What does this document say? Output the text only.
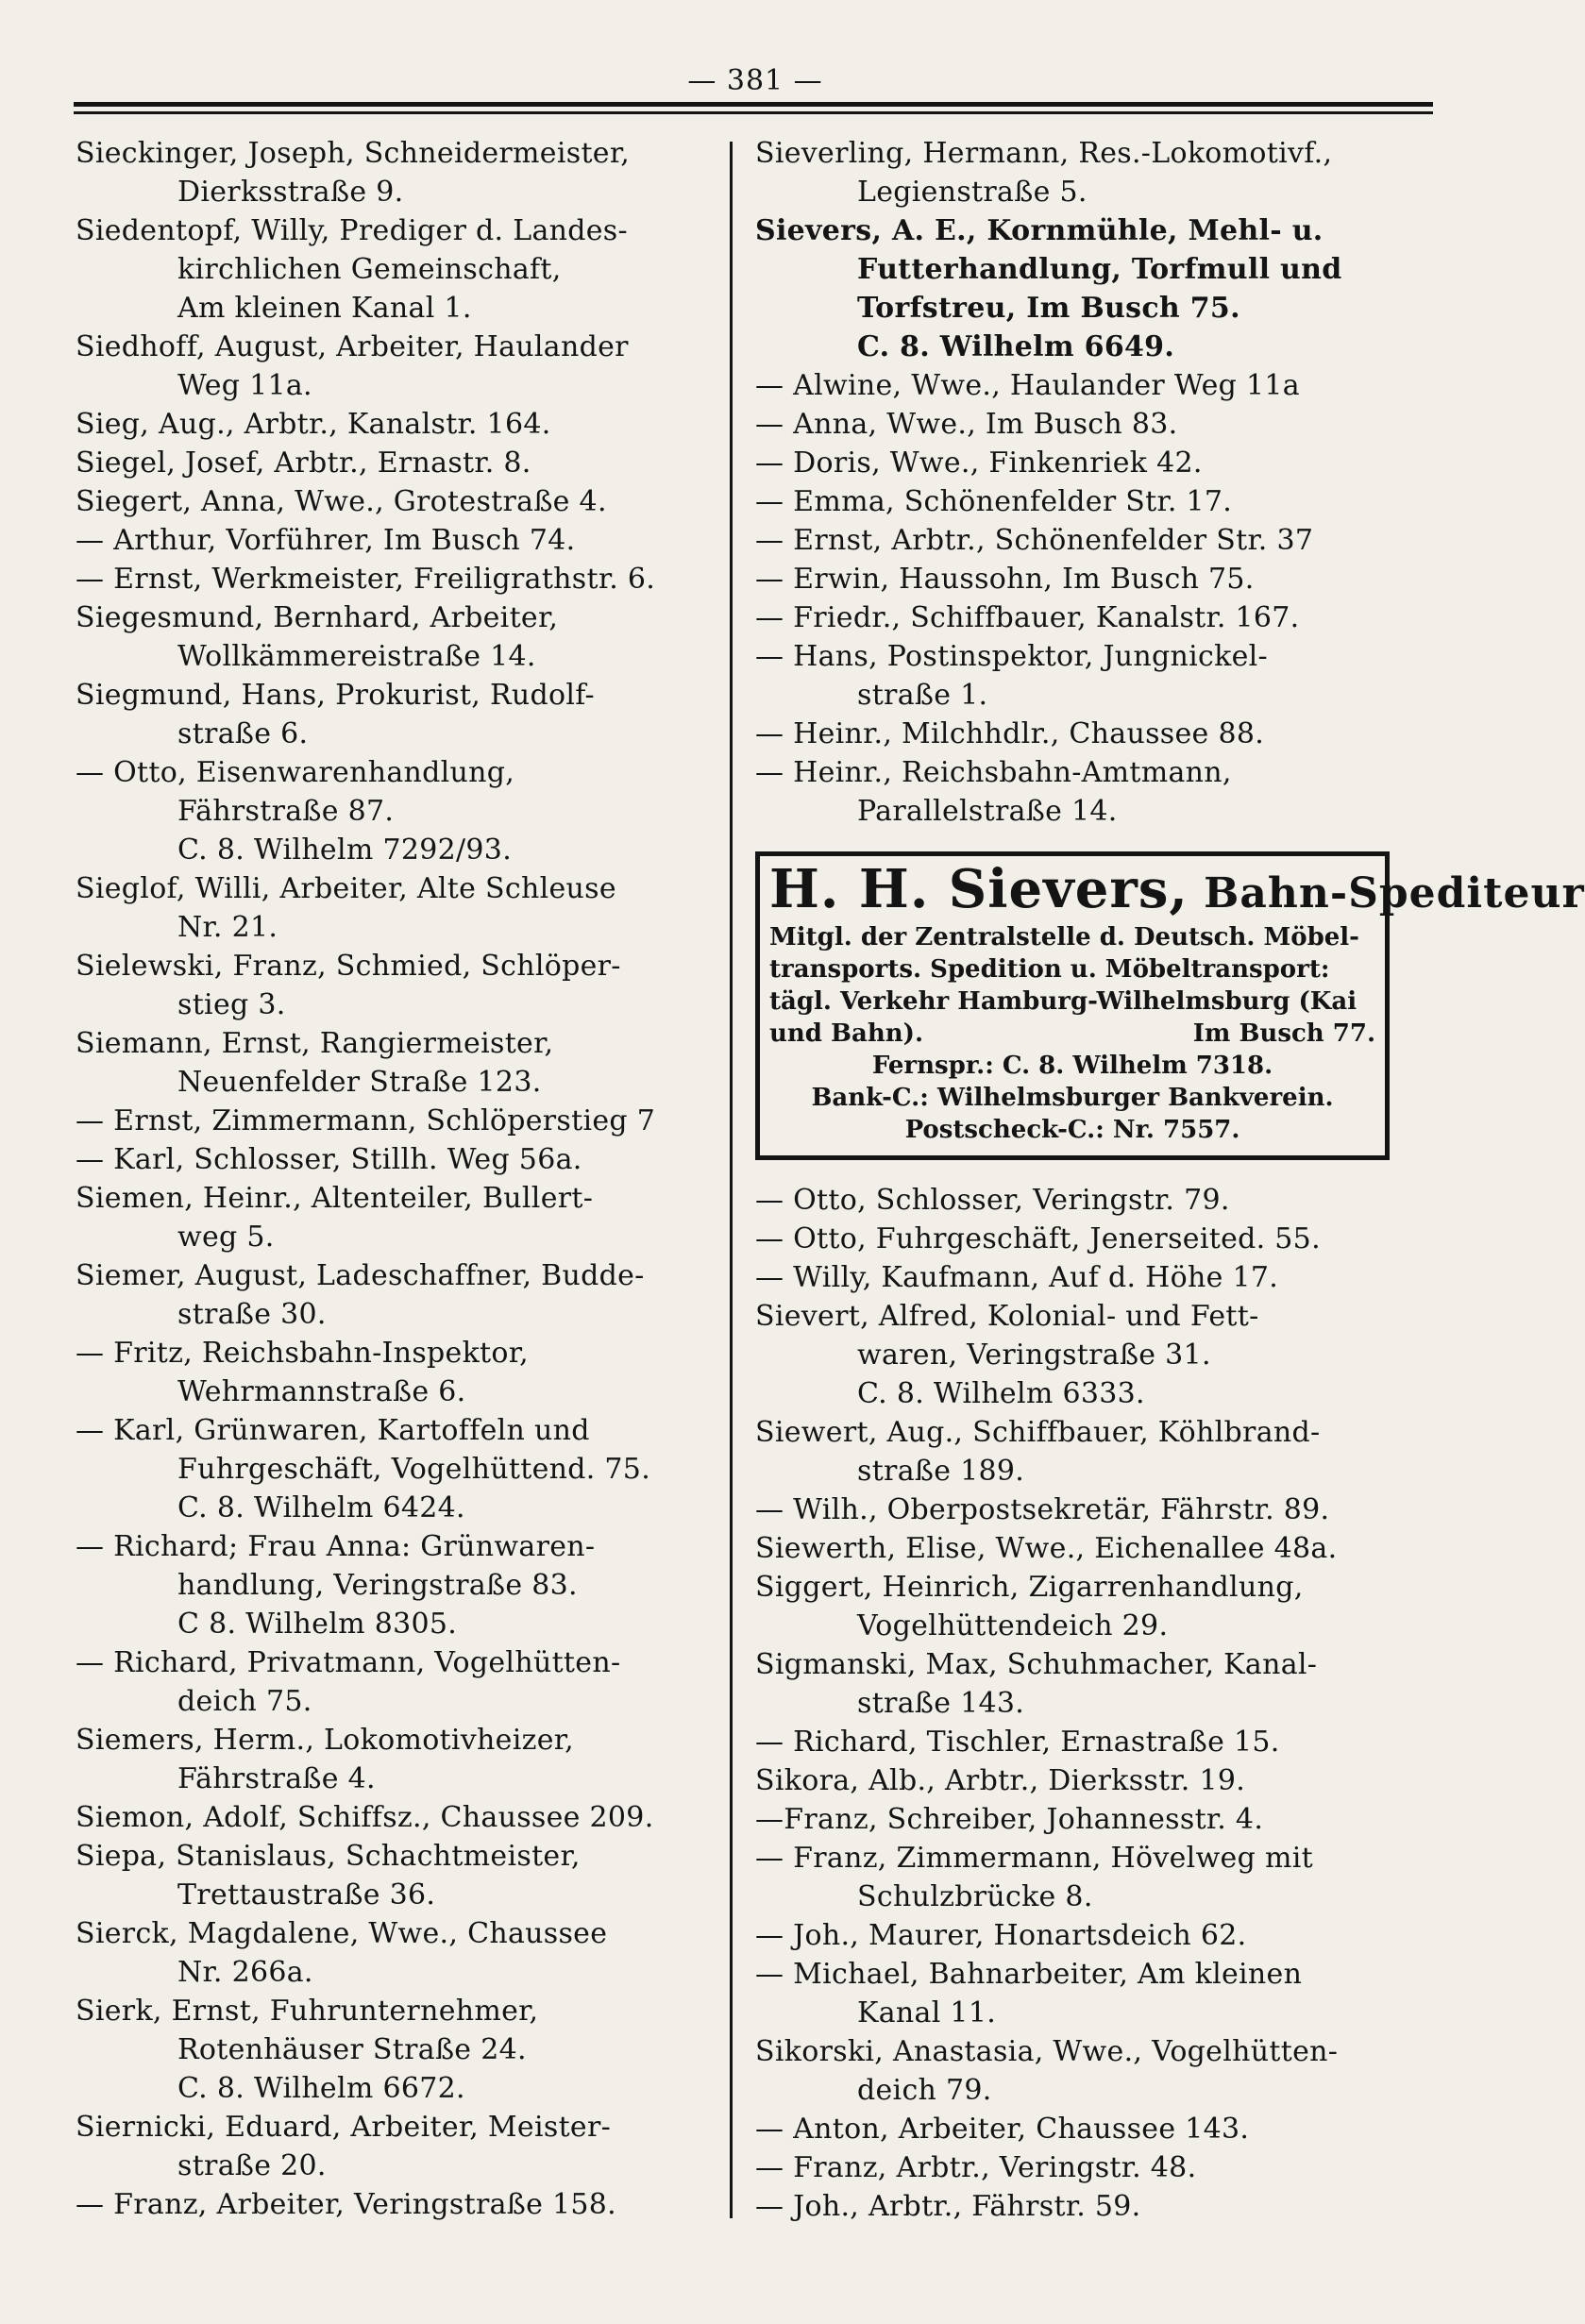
— 381 —
Sieckinger, Joseph, Schneidermeister,
Dierksstraße 9.
Siedentopf, Willy, Prediger d. Landes-
kirchlichen Gemeinschaft,
Am kleinen Kanal 1.
Siedhoff, August, Arbeiter, Haulander
Weg 11a.
Sieg, Aug., Arbtr., Kanalstr. 164.
Siegel, Josef, Arbtr., Ernastr. 8.
Siegert, Anna, Wwe., Grotestraße 4.
— Arthur, Vorführer, Im Busch 74.
— Ernst, Werkmeister, Freiligrathstr. 6.
Siegesmund, Bernhard, Arbeiter,
Wollkämmereistraße 14.
Siegmund, Hans, Prokurist, Rudolf-
straße 6.
— Otto, Eisenwarenhandlung,
Fährstraße 87.
C. 8. Wilhelm 7292/93.
Sieglof, Willi, Arbeiter, Alte Schleuse
Nr. 21.
Sielewski, Franz, Schmied, Schlöper-
stieg 3.
Siemann, Ernst, Rangiermeister,
Neuenfelder Straße 123.
— Ernst, Zimmermann, Schlöperstieg 7
— Karl, Schlosser, Stillh. Weg 56a.
Siemen, Heinr., Altenteiler, Bullert-
weg 5.
Siemer, August, Ladeschaffner, Budde-
straße 30.
— Fritz, Reichsbahn-Inspektor,
Wehrmannstraße 6.
— Karl, Grünwaren, Kartoffeln und
Fuhrgeschäft, Vogelhüttend. 75.
C. 8. Wilhelm 6424.
— Richard; Frau Anna: Grünwaren-
handlung, Veringstraße 83.
C 8. Wilhelm 8305.
— Richard, Privatmann, Vogelhütten-
deich 75.
Siemers, Herm., Lokomotivheizer,
Fährstraße 4.
Siemon, Adolf, Schiffsz., Chaussee 209.
Siepa, Stanislaus, Schachtmeister,
Trettaustraße 36.
Sierck, Magdalene, Wwe., Chaussee
Nr. 266a.
Sierk, Ernst, Fuhrunternehmer,
Rotenhäuser Straße 24.
C. 8. Wilhelm 6672.
Siernicki, Eduard, Arbeiter, Meister-
straße 20.
— Franz, Arbeiter, Veringstraße 158.
Sieverling, Hermann, Res.-Lokomotivf.,
Legienstraße 5.
Sievers, A. E., Kornmühle, Mehl- u.
Futterhandlung, Torfmull und
Torfstreu, Im Busch 75.
C. 8. Wilhelm 6649.
— Alwine, Wwe., Haulander Weg 11a
— Anna, Wwe., Im Busch 83.
— Doris, Wwe., Finkenriek 42.
— Emma, Schönenfelder Str. 17.
— Ernst, Arbtr., Schönenfelder Str. 37
— Erwin, Haussohn, Im Busch 75.
— Friedr., Schiffbauer, Kanalstr. 167.
— Hans, Postinspektor, Jungnickel-
straße 1.
— Heinr., Milchhdlr., Chaussee 88.
— Heinr., Reichsbahn-Amtmann,
Parallelstraße 14.
H. H. Sievers, Bahn-Spediteur
Mitgl. der Zentralstelle d. Deutsch. Möbel-
transports. Spedition u. Möbeltransport:
tägl. Verkehr Hamburg-Wilhelmsburg (Kai
und Bahn).	Im Busch 77.
Fernspr.: C. 8. Wilhelm 7318.
Bank-C.: Wilhelmsburger Bankverein.
Postscheck-C.: Nr. 7557.
— Otto, Schlosser, Veringstr. 79.
— Otto, Fuhrgeschäft, Jenerseited. 55.
— Willy, Kaufmann, Auf d. Höhe 17.
Sievert, Alfred, Kolonial- und Fett-
waren, Veringstraße 31.
C. 8. Wilhelm 6333.
Siewert, Aug., Schiffbauer, Köhlbrand-
straße 189.
— Wilh., Oberpostsekretär, Fährstr. 89.
Siewerth, Elise, Wwe., Eichenallee 48a.
Siggert, Heinrich, Zigarrenhandlung,
Vogelhüttendeich 29.
Sigmanski, Max, Schuhmacher, Kanal-
straße 143.
— Richard, Tischler, Ernastraße 15.
Sikora, Alb., Arbtr., Dierksstr. 19.
—Franz, Schreiber, Johannesstr. 4.
— Franz, Zimmermann, Hövelweg mit
Schulzbrücke 8.
— Joh., Maurer, Honartsdeich 62.
— Michael, Bahnarbeiter, Am kleinen
Kanal 11.
Sikorski, Anastasia, Wwe., Vogelhütten-
deich 79.
— Anton, Arbeiter, Chaussee 143.
— Franz, Arbtr., Veringstr. 48.
— Joh., Arbtr., Fährstr. 59.
